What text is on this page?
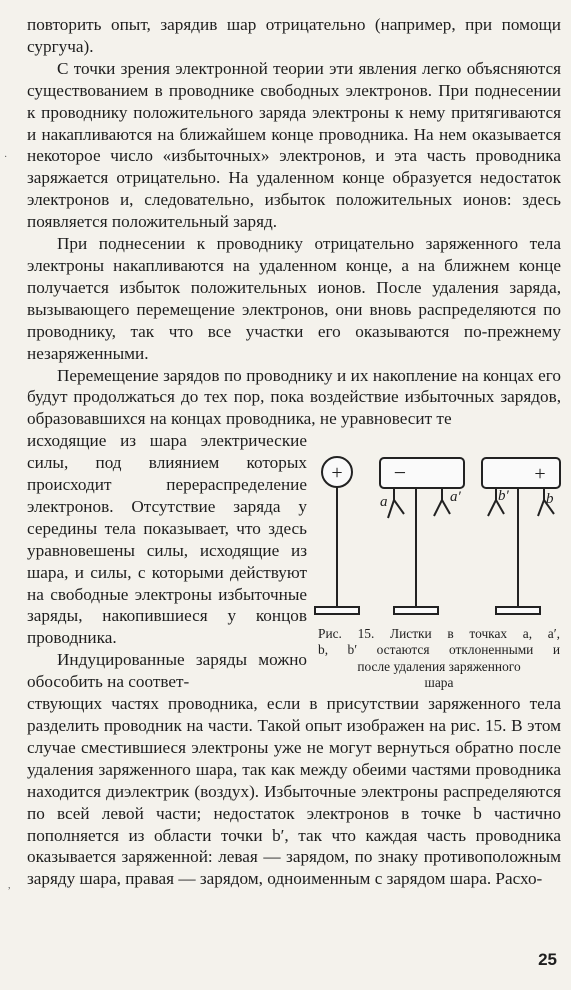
повторить опыт, зарядив шар отрицательно (например, при помощи сургуча).

С точки зрения электронной теории эти явления легко объясняются существованием в проводнике свободных электронов. При поднесении к проводнику положительного заряда электроны к нему притягиваются и накапливаются на ближайшем конце проводника. На нем оказывается некоторое число «избыточных» электронов, и эта часть проводника заряжается отрицательно. На удаленном конце образуется недостаток электронов и, следовательно, избыток положительных ионов: здесь появляется положительный заряд.

При поднесении к проводнику отрицательно заряженного тела электроны накапливаются на удаленном конце, а на ближнем конце получается избыток положительных ионов. После удаления заряда, вызывающего перемещение электронов, они вновь распределяются по проводнику, так что все участки его оказываются по-прежнему незаряженными.

Перемещение зарядов по проводнику и их накопление на концах его будут продолжаться до тех пор, пока воздействие избыточных зарядов, образовавшихся на концах проводника, не уравновесит те

исходящие из шара электрические силы, под влиянием которых происходит перераспределение электронов. Отсутствие заряда у середины тела показывает, что здесь уравновешены силы, исходящие из шара, и силы, с которыми действуют на свободные электроны избыточные заряды, накопившиеся у концов проводника.

Индуцированные заряды можно обособить на соответ-

ствующих частях проводника, если в присутствии заряженного тела разделить проводник на части. Такой опыт изображен на рис. 15. В этом случае сместившиеся электроны уже не могут вернуться обратно после удаления заряженного шара, так как между обеими частями проводника находится диэлектрик (воздух). Избыточные электроны распределяются по всей левой части; недостаток электронов в точке b частично пополняется из области точки b′, так что каждая часть проводника оказывается заряженной: левая — зарядом, по знаку противоположным заряду шара, правая — зарядом, одноименным с зарядом шара. Расхо-

+ −	+
a	a′ b′ b
Рис. 15. Листки в точках a, a′,
b, b′ остаются отклоненными и
после удаления заряженного
шара
·
,
25
